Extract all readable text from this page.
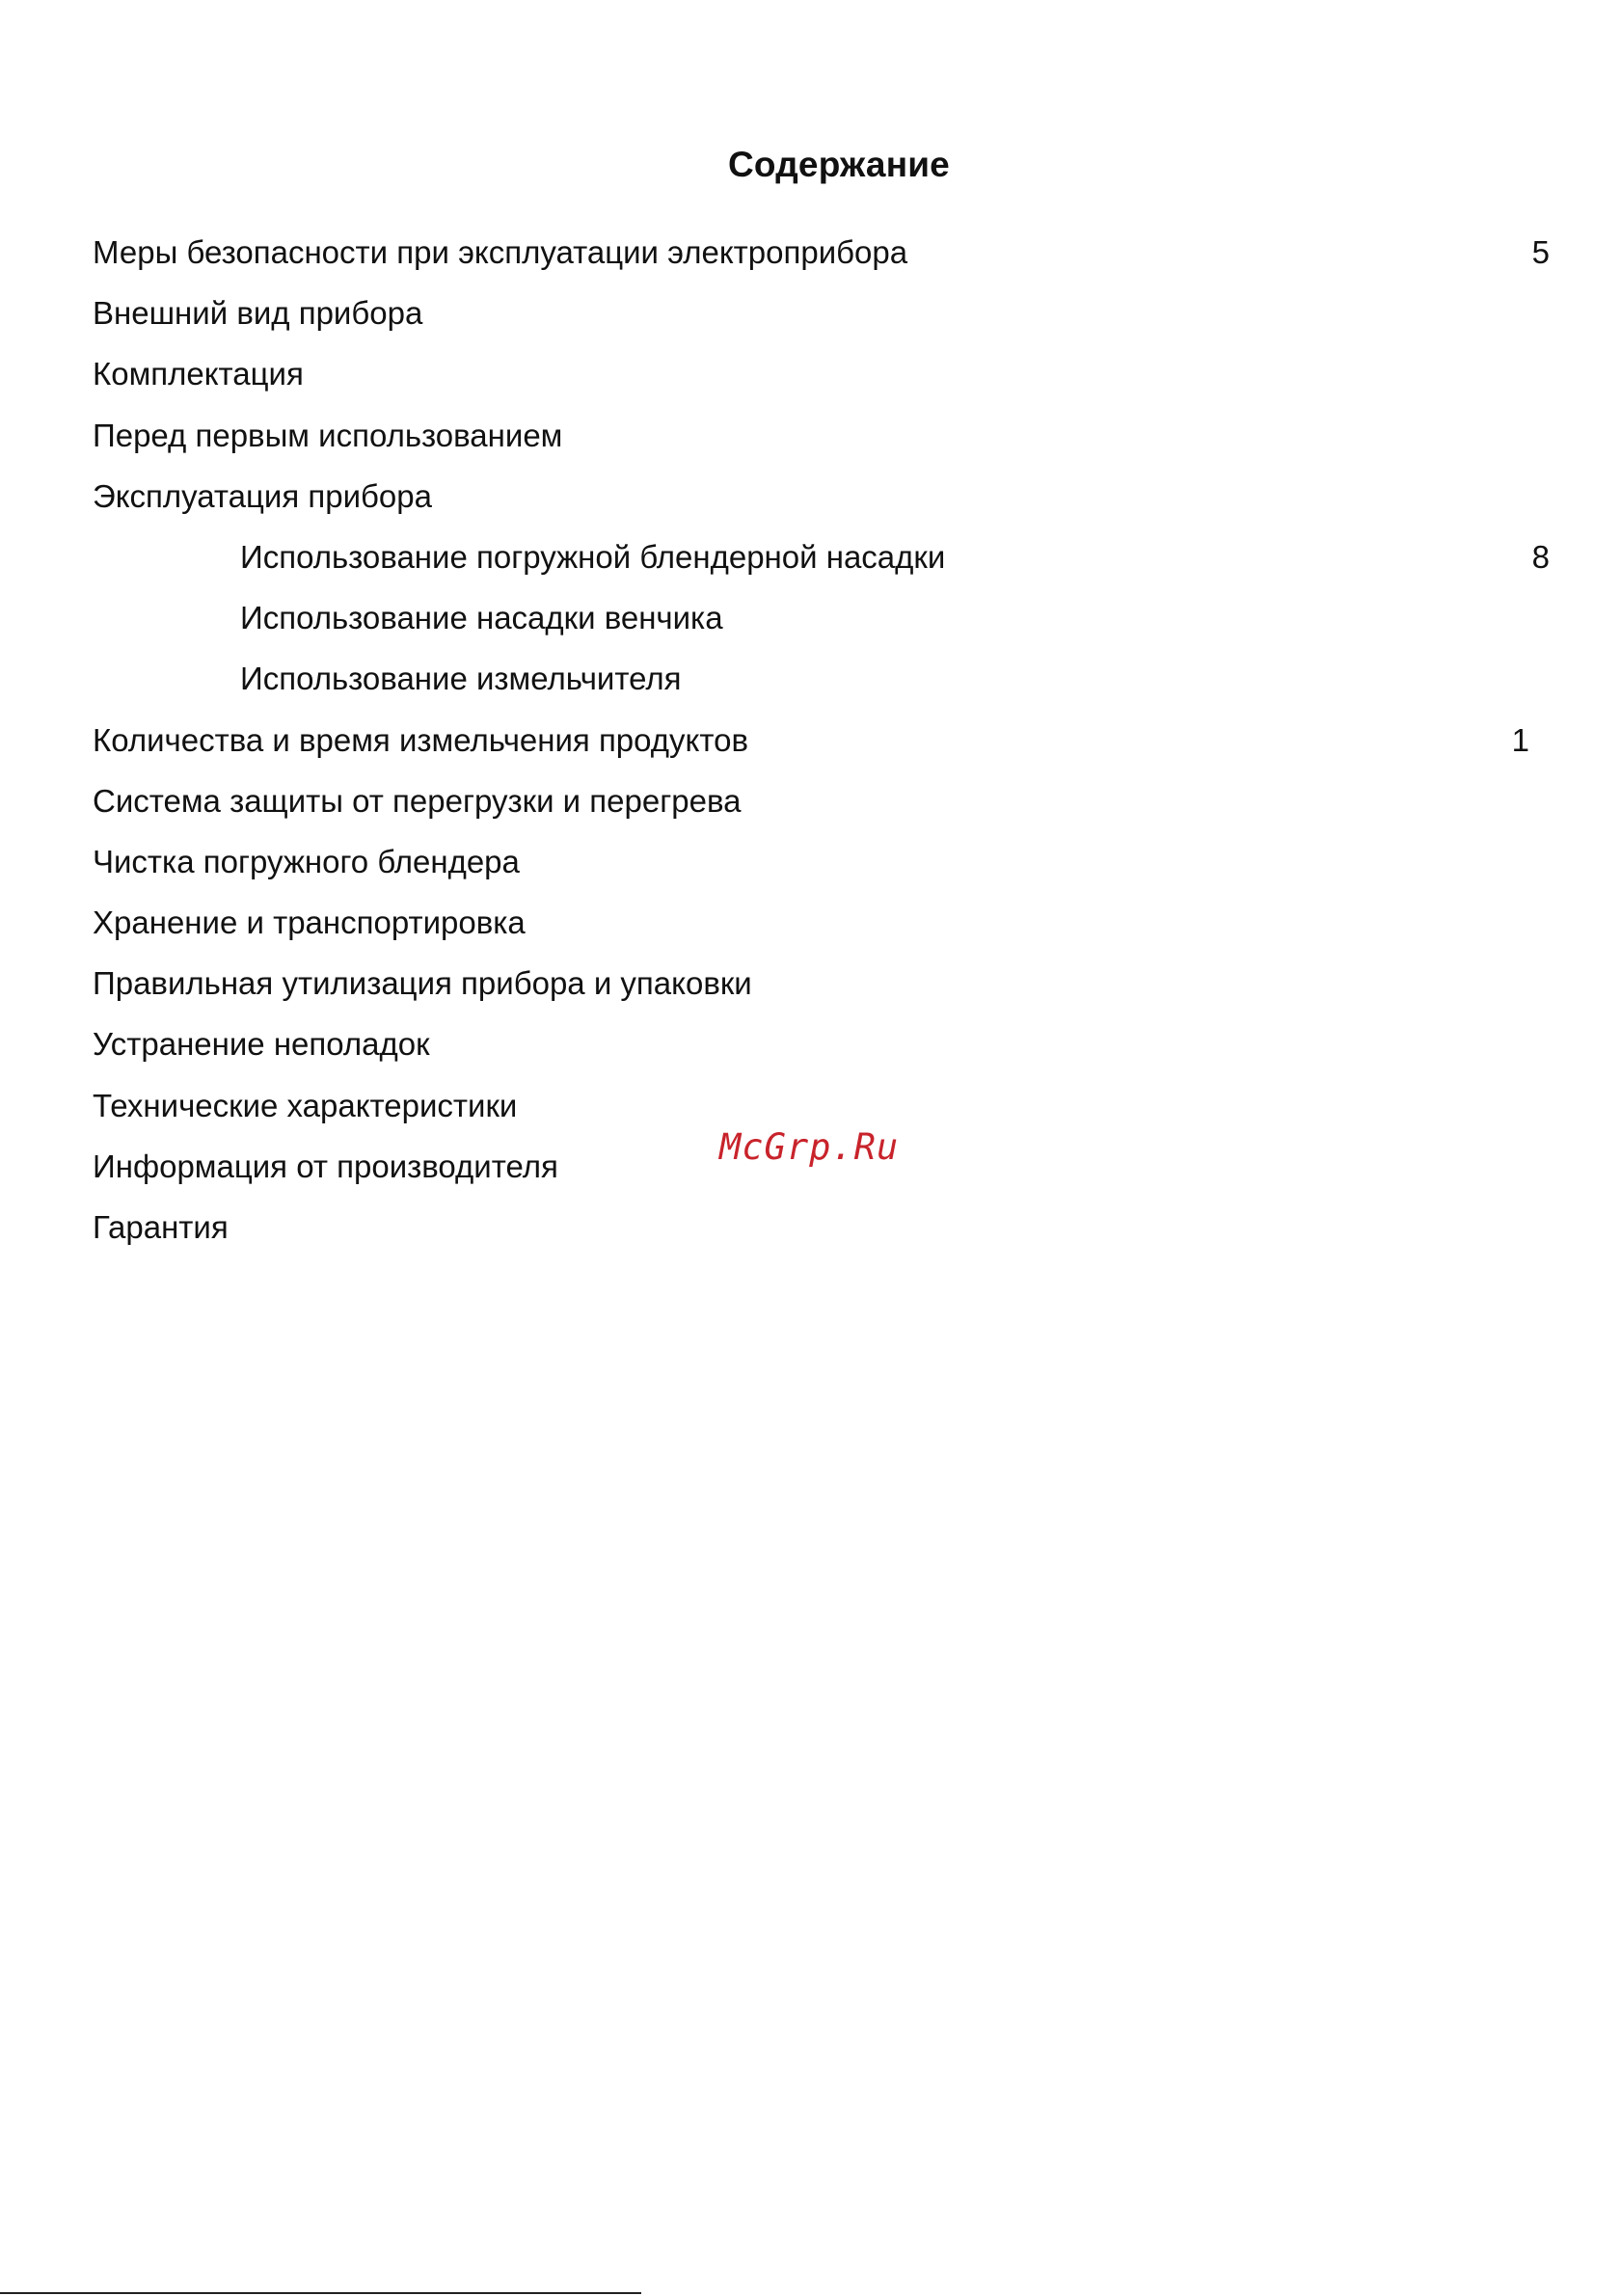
Содержание
Меры безопасности при эксплуатации электроприбора	5
Внешний вид прибора
Комплектация
Перед первым использованием
Эксплуатация прибора
Использование погружной блендерной насадки	8
Использование насадки венчика
Использование измельчителя
Количества и время измельчения продуктов	1
Система защиты от перегрузки и перегрева
Чистка погружного блендера
Хранение и транспортировка
Правильная утилизация прибора и упаковки
Устранение неполадок
Технические характеристики
Информация от производителя
Гарантия
McGrp.Ru
